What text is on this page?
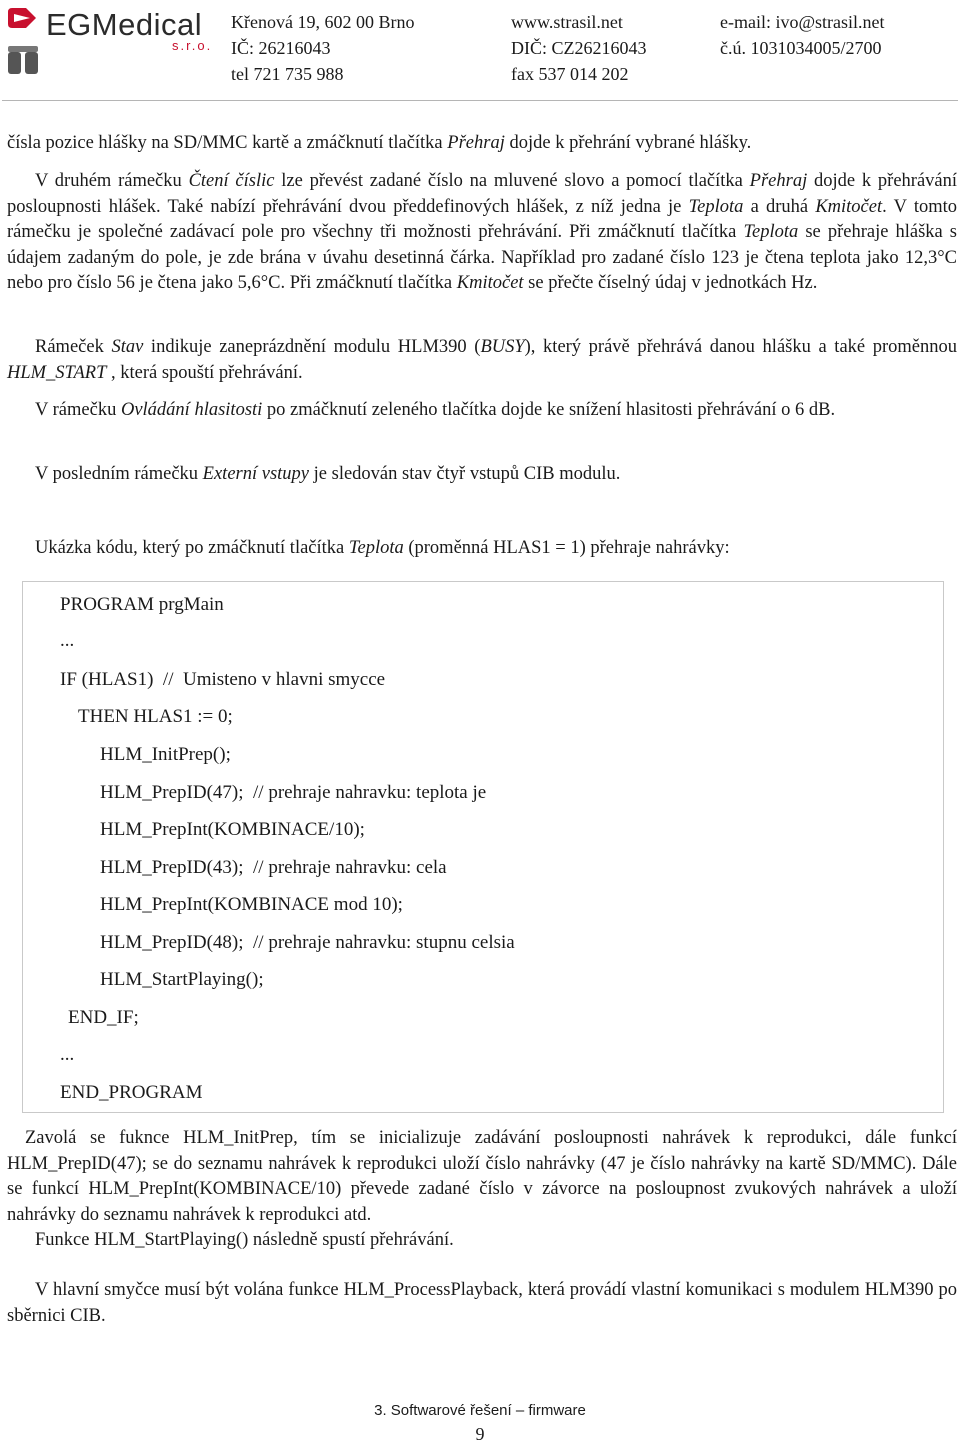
EGMedical
s.r.o.
Křenová 19, 602 00 Brno
IČ: 26216043
tel 721 735 988
www.strasil.net
DIČ: CZ26216043
fax 537 014 202
e-mail: ivo@strasil.net
č.ú. 1031034005/2700
čísla pozice hlášky na SD/MMC kartě a zmáčknutí tlačítka Přehraj dojde k přehrání vybrané hlášky.
V druhém rámečku Čtení číslic lze převést zadané číslo na mluvené slovo a pomocí tlačítka Přehraj dojde k přehrávání posloupnosti hlášek. Také nabízí přehrávání dvou předdefinových hlášek, z níž jedna je Teplota a druhá Kmitočet. V tomto rámečku je společné zadávací pole pro všechny tři možnosti přehrávání. Při zmáčknutí tlačítka Teplota se přehraje hláška s údajem zadaným do pole, je zde brána v úvahu desetinná čárka. Například pro zadané číslo 123 je čtena teplota jako 12,3°C nebo pro číslo 56 je čtena jako 5,6°C. Při zmáčknutí tlačítka Kmitočet se přečte číselný údaj v jednotkách Hz.
Rámeček Stav indikuje zaneprázdnění modulu HLM390 (BUSY), který právě přehrává danou hlášku a také proměnnou HLM_START , která spouští přehrávání.
V rámečku Ovládání hlasitosti po zmáčknutí zeleného tlačítka dojde ke snížení hlasitosti přehrávání o 6 dB.
V posledním rámečku Externí vstupy je sledován stav čtyř vstupů CIB modulu.
Ukázka kódu, který po zmáčknutí tlačítka Teplota (proměnná HLAS1 = 1) přehraje nahrávky:
PROGRAM prgMain
...
IF (HLAS1)  //  Umisteno v hlavni smycce
THEN HLAS1 := 0;
HLM_InitPrep();
HLM_PrepID(47);  // prehraje nahravku: teplota je
HLM_PrepInt(KOMBINACE/10);
HLM_PrepID(43);  // prehraje nahravku: cela
HLM_PrepInt(KOMBINACE mod 10);
HLM_PrepID(48);  // prehraje nahravku: stupnu celsia
HLM_StartPlaying();
END_IF;
...
END_PROGRAM
Zavolá se fuknce HLM_InitPrep, tím se inicializuje zadávání posloupnosti nahrávek k reprodukci, dále funkcí HLM_PrepID(47); se do seznamu nahrávek k reprodukci uloží číslo nahrávky (47 je číslo nahrávky na kartě SD/MMC). Dále se funkcí HLM_PrepInt(KOMBINACE/10) převede zadané číslo v závorce na posloupnost zvukových nahrávek a uloží nahrávky do seznamu nahrávek k reprodukci atd.
Funkce HLM_StartPlaying() následně spustí přehrávání.
V hlavní smyčce musí být volána funkce HLM_ProcessPlayback, která provádí vlastní komunikaci s modulem HLM390 po sběrnici CIB.
3. Softwarové řešení – firmware
9
